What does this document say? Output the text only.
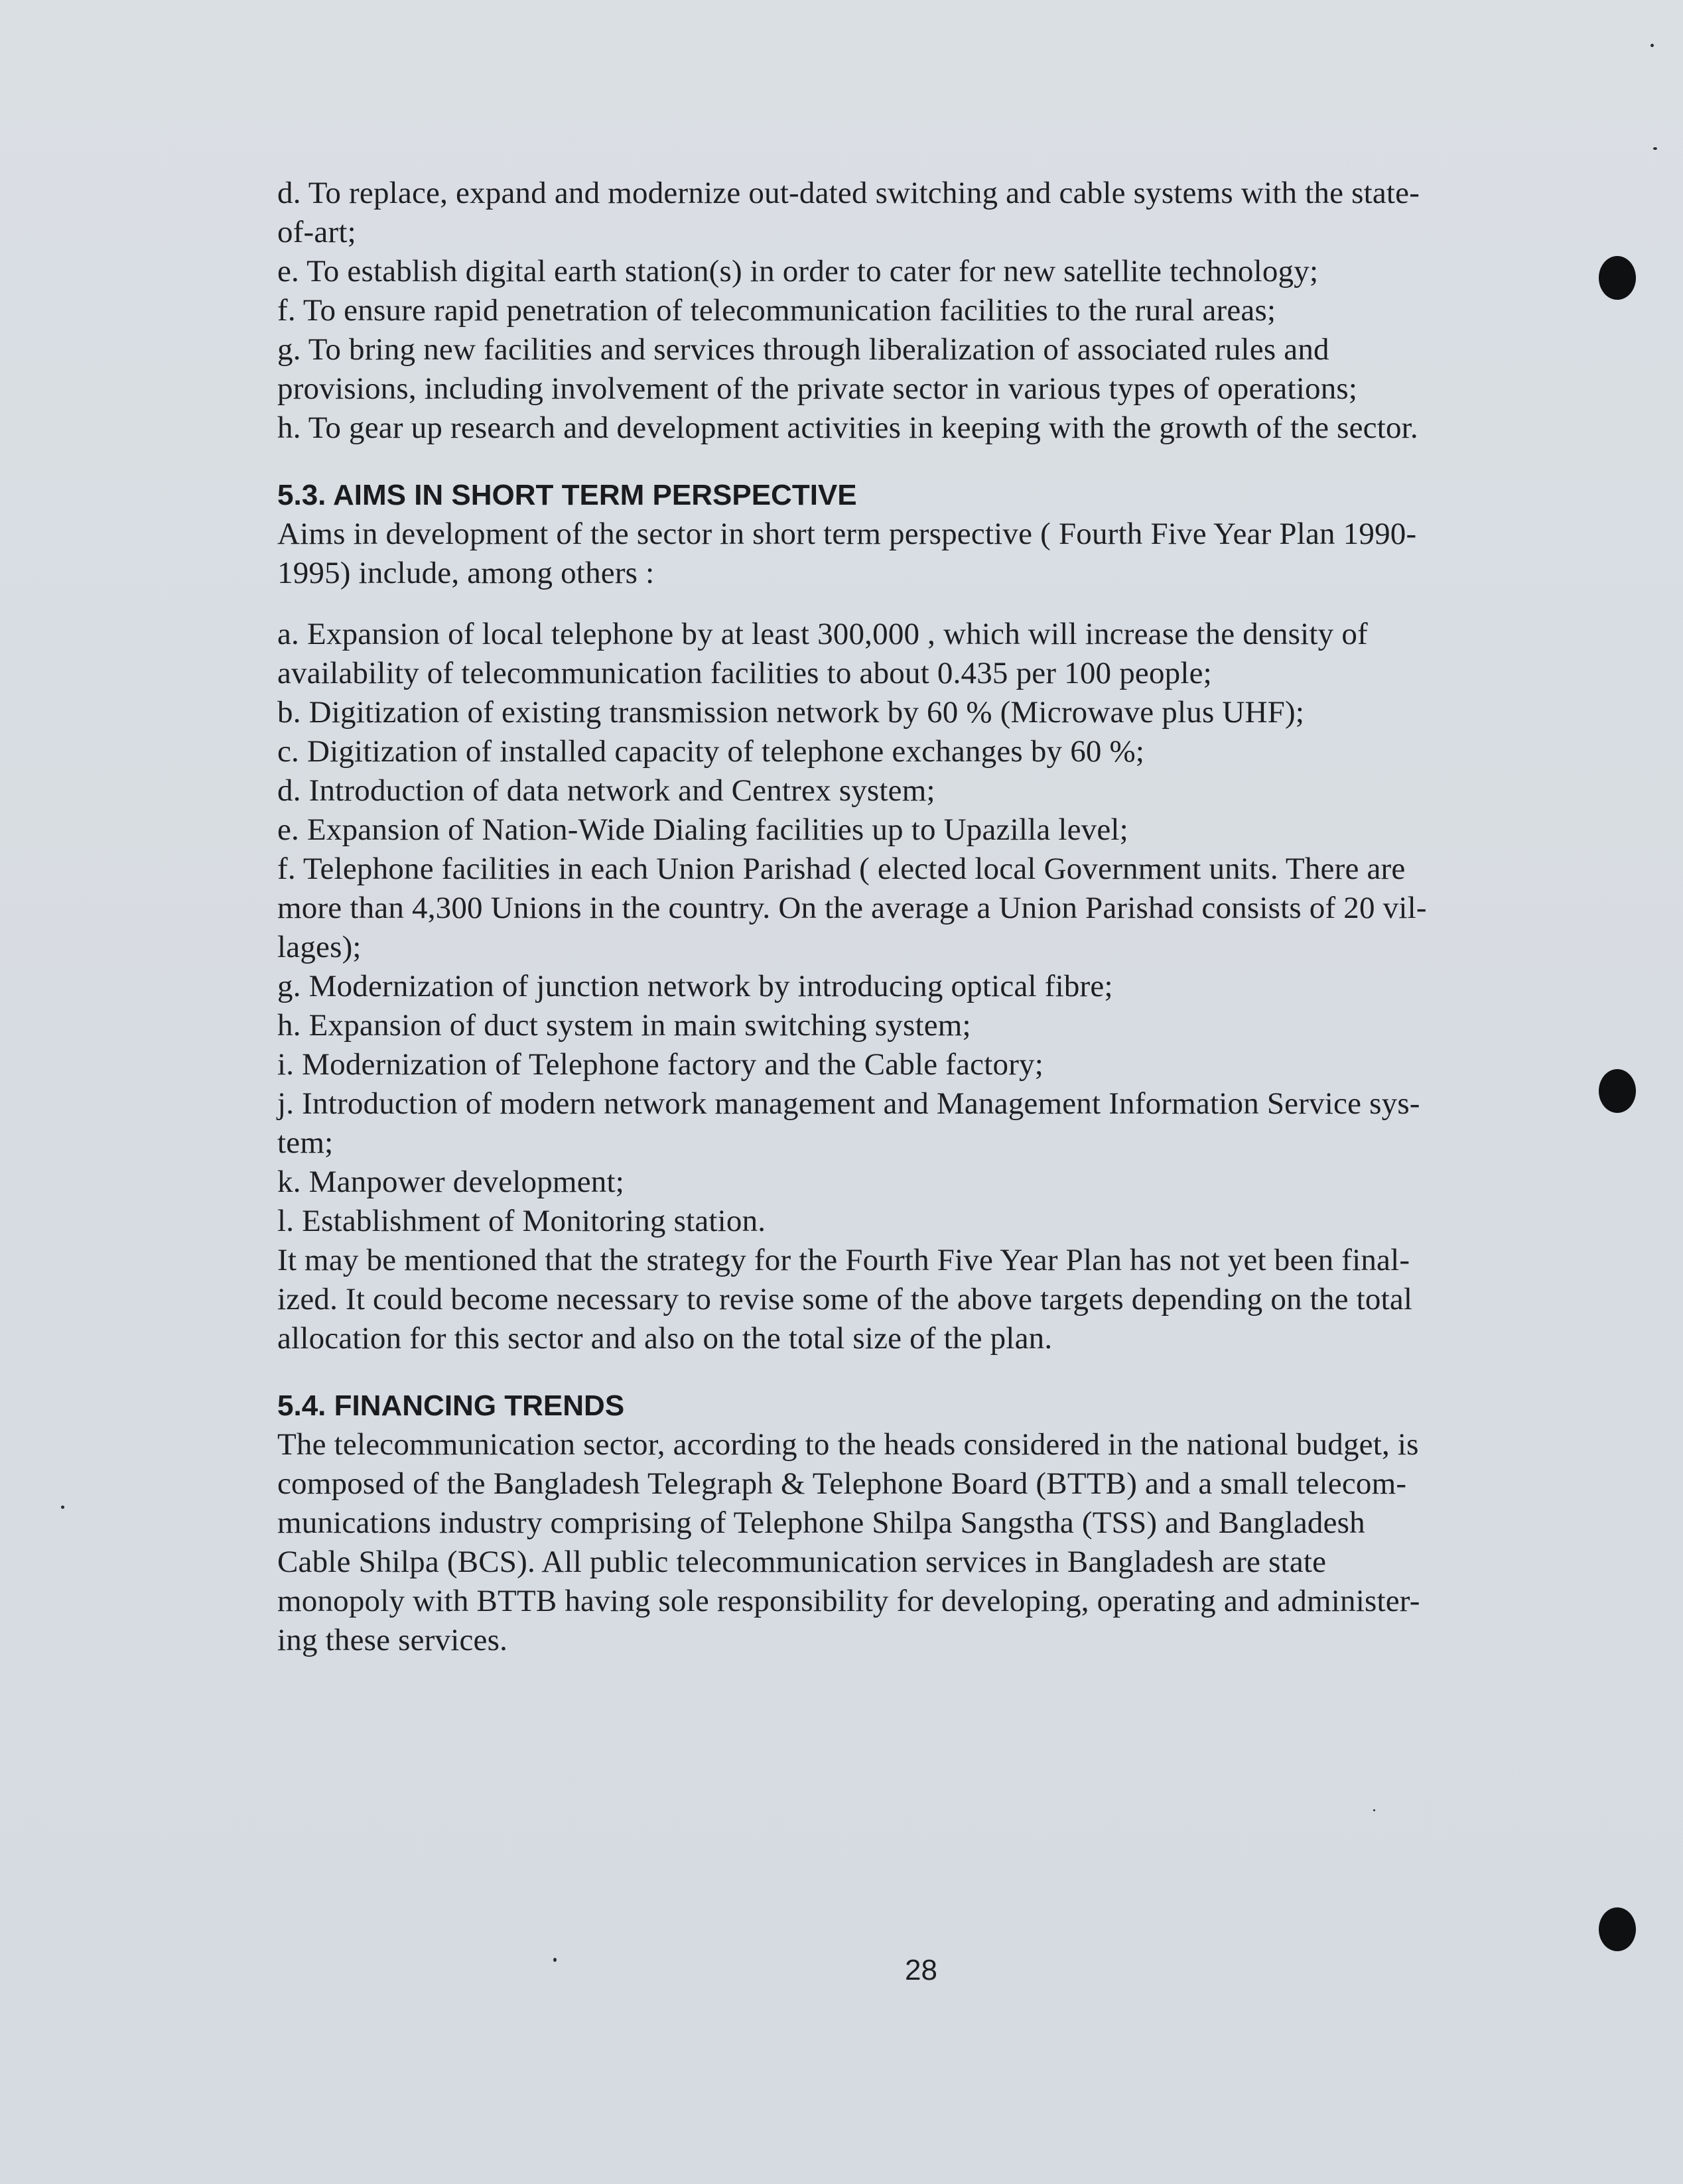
d. To replace, expand and modernize out-dated switching and cable systems with the state-
of-art;
e. To establish digital earth station(s) in order to cater for new satellite technology;
f. To ensure rapid penetration of telecommunication facilities to the rural areas;
g. To bring new facilities and services through liberalization of associated rules and
provisions, including involvement of the private sector in various types of operations;
h. To gear up research and development activities in keeping with the growth of the sector.
5.3. AIMS IN SHORT TERM PERSPECTIVE
Aims in development of the sector in short term perspective ( Fourth Five Year Plan 1990-
1995) include, among others :
a. Expansion of local telephone by at least 300,000 , which will increase the density of
availability of telecommunication facilities to about 0.435 per 100 people;
b. Digitization of existing transmission network by 60 % (Microwave plus UHF);
c. Digitization of installed capacity of telephone exchanges by 60 %;
d. Introduction of data network and Centrex system;
e. Expansion of Nation-Wide Dialing facilities up to Upazilla level;
f. Telephone facilities in each Union Parishad ( elected local Government units. There are
more than 4,300 Unions in the country. On the average a Union Parishad consists of 20 vil-
lages);
g. Modernization of junction network by introducing optical fibre;
h. Expansion of duct system in main switching system;
i. Modernization of Telephone factory and the Cable factory;
j. Introduction of modern network management and Management Information Service sys-
tem;
k. Manpower development;
l. Establishment of Monitoring station.
It may be mentioned that the strategy for the Fourth Five Year Plan has not yet been final-
ized. It could become necessary to revise some of the above targets depending on the total
allocation for this sector and also on the total size of the plan.
5.4. FINANCING TRENDS
The telecommunication sector, according to the heads considered in the national budget, is
composed of the Bangladesh Telegraph & Telephone Board (BTTB) and a small telecom-
munications industry comprising of Telephone Shilpa Sangstha (TSS) and Bangladesh
Cable Shilpa (BCS). All public telecommunication services in Bangladesh are state
monopoly with BTTB having sole responsibility for developing, operating and administer-
ing these services.
28
